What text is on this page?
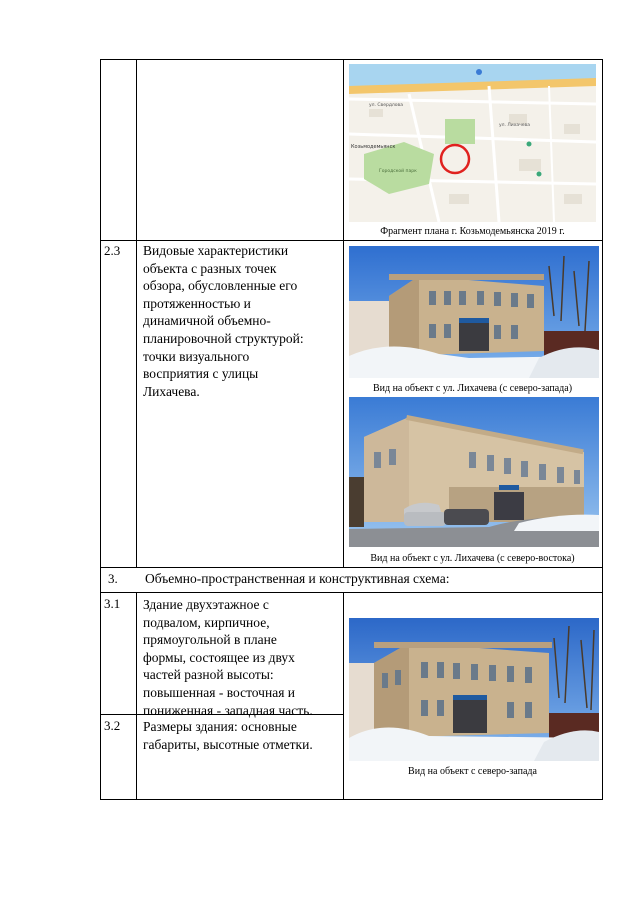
ул. Лихачева
ул. Свердлова
Козьмодемьянск
Городской парк
Фрагмент плана г. Козьмодемьянска 2019 г.
2.3 Видовые характеристики
объекта с разных точек
обзора, обусловленные его
протяженностью и
динамичной объемно-
планировочной структурой:
точки визуального
восприятия с улицы
Лихачева.	Вид на объект с ул. Лихачева (с северо-запада)
Вид на объект с ул. Лихачева (с северо-востока)
3. Объемно-пространственная и конструктивная схема:
3.1 Здание двухэтажное с
подвалом, кирпичное,
прямоугольной в плане
формы, состоящее из двух
частей разной высоты:
повышенная - восточная и
пониженная - западная часть.
3.2 Размеры здания: основные
габариты, высотные отметки.
Вид на объект с северо-запада
